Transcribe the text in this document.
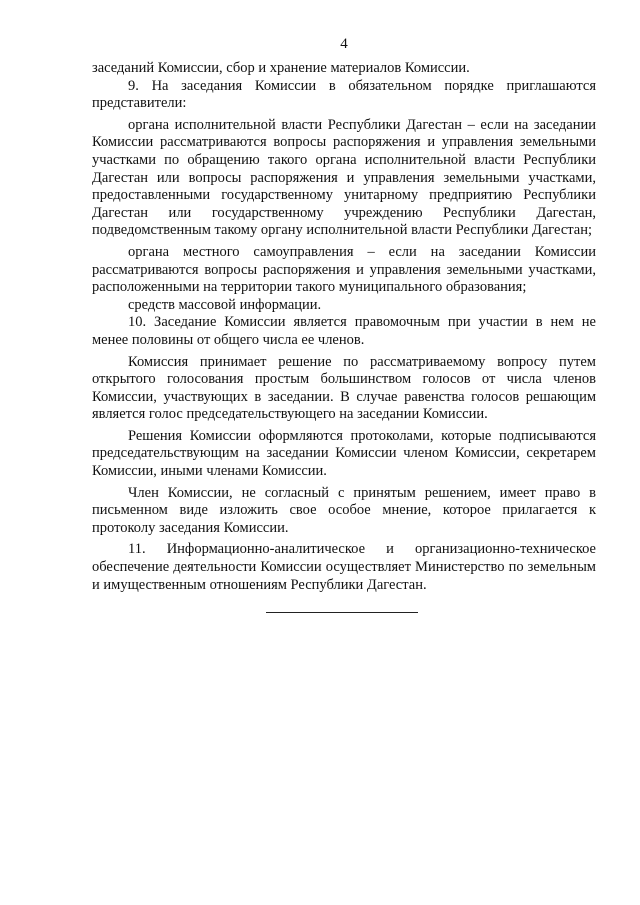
4

заседаний Комиссии, сбор и хранение материалов Комиссии.

9. На заседания Комиссии в обязательном порядке приглашаются представители:

органа исполнительной власти Республики Дагестан – если на заседании Комиссии рассматриваются вопросы распоряжения и управления земельными участками по обращению такого органа исполнительной власти Республики Дагестан или вопросы распоряжения и управления земельными участками, предоставленными государственному унитарному предприятию Республики Дагестан или государственному учреждению Республики Дагестан, подведомственным такому органу исполнительной власти Республики Дагестан;

органа местного самоуправления – если на заседании Комиссии рассматриваются вопросы распоряжения и управления земельными участками, расположенными на территории такого муниципального образования;

средств массовой информации.

10. Заседание Комиссии является правомочным при участии в нем не менее половины от общего числа ее членов.

Комиссия принимает решение по рассматриваемому вопросу путем открытого голосования простым большинством голосов от числа членов Комиссии, участвующих в заседании. В случае равенства голосов решающим является голос председательствующего на заседании Комиссии.

Решения Комиссии оформляются протоколами, которые подписываются председательствующим на заседании Комиссии членом Комиссии, секретарем Комиссии, иными членами Комиссии.

Член Комиссии, не согласный с принятым решением, имеет право в письменном виде изложить свое особое мнение, которое прилагается к протоколу заседания Комиссии.

11. Информационно-аналитическое и организационно-техническое обеспечение деятельности Комиссии осуществляет Министерство по земельным и имущественным отношениям Республики Дагестан.
